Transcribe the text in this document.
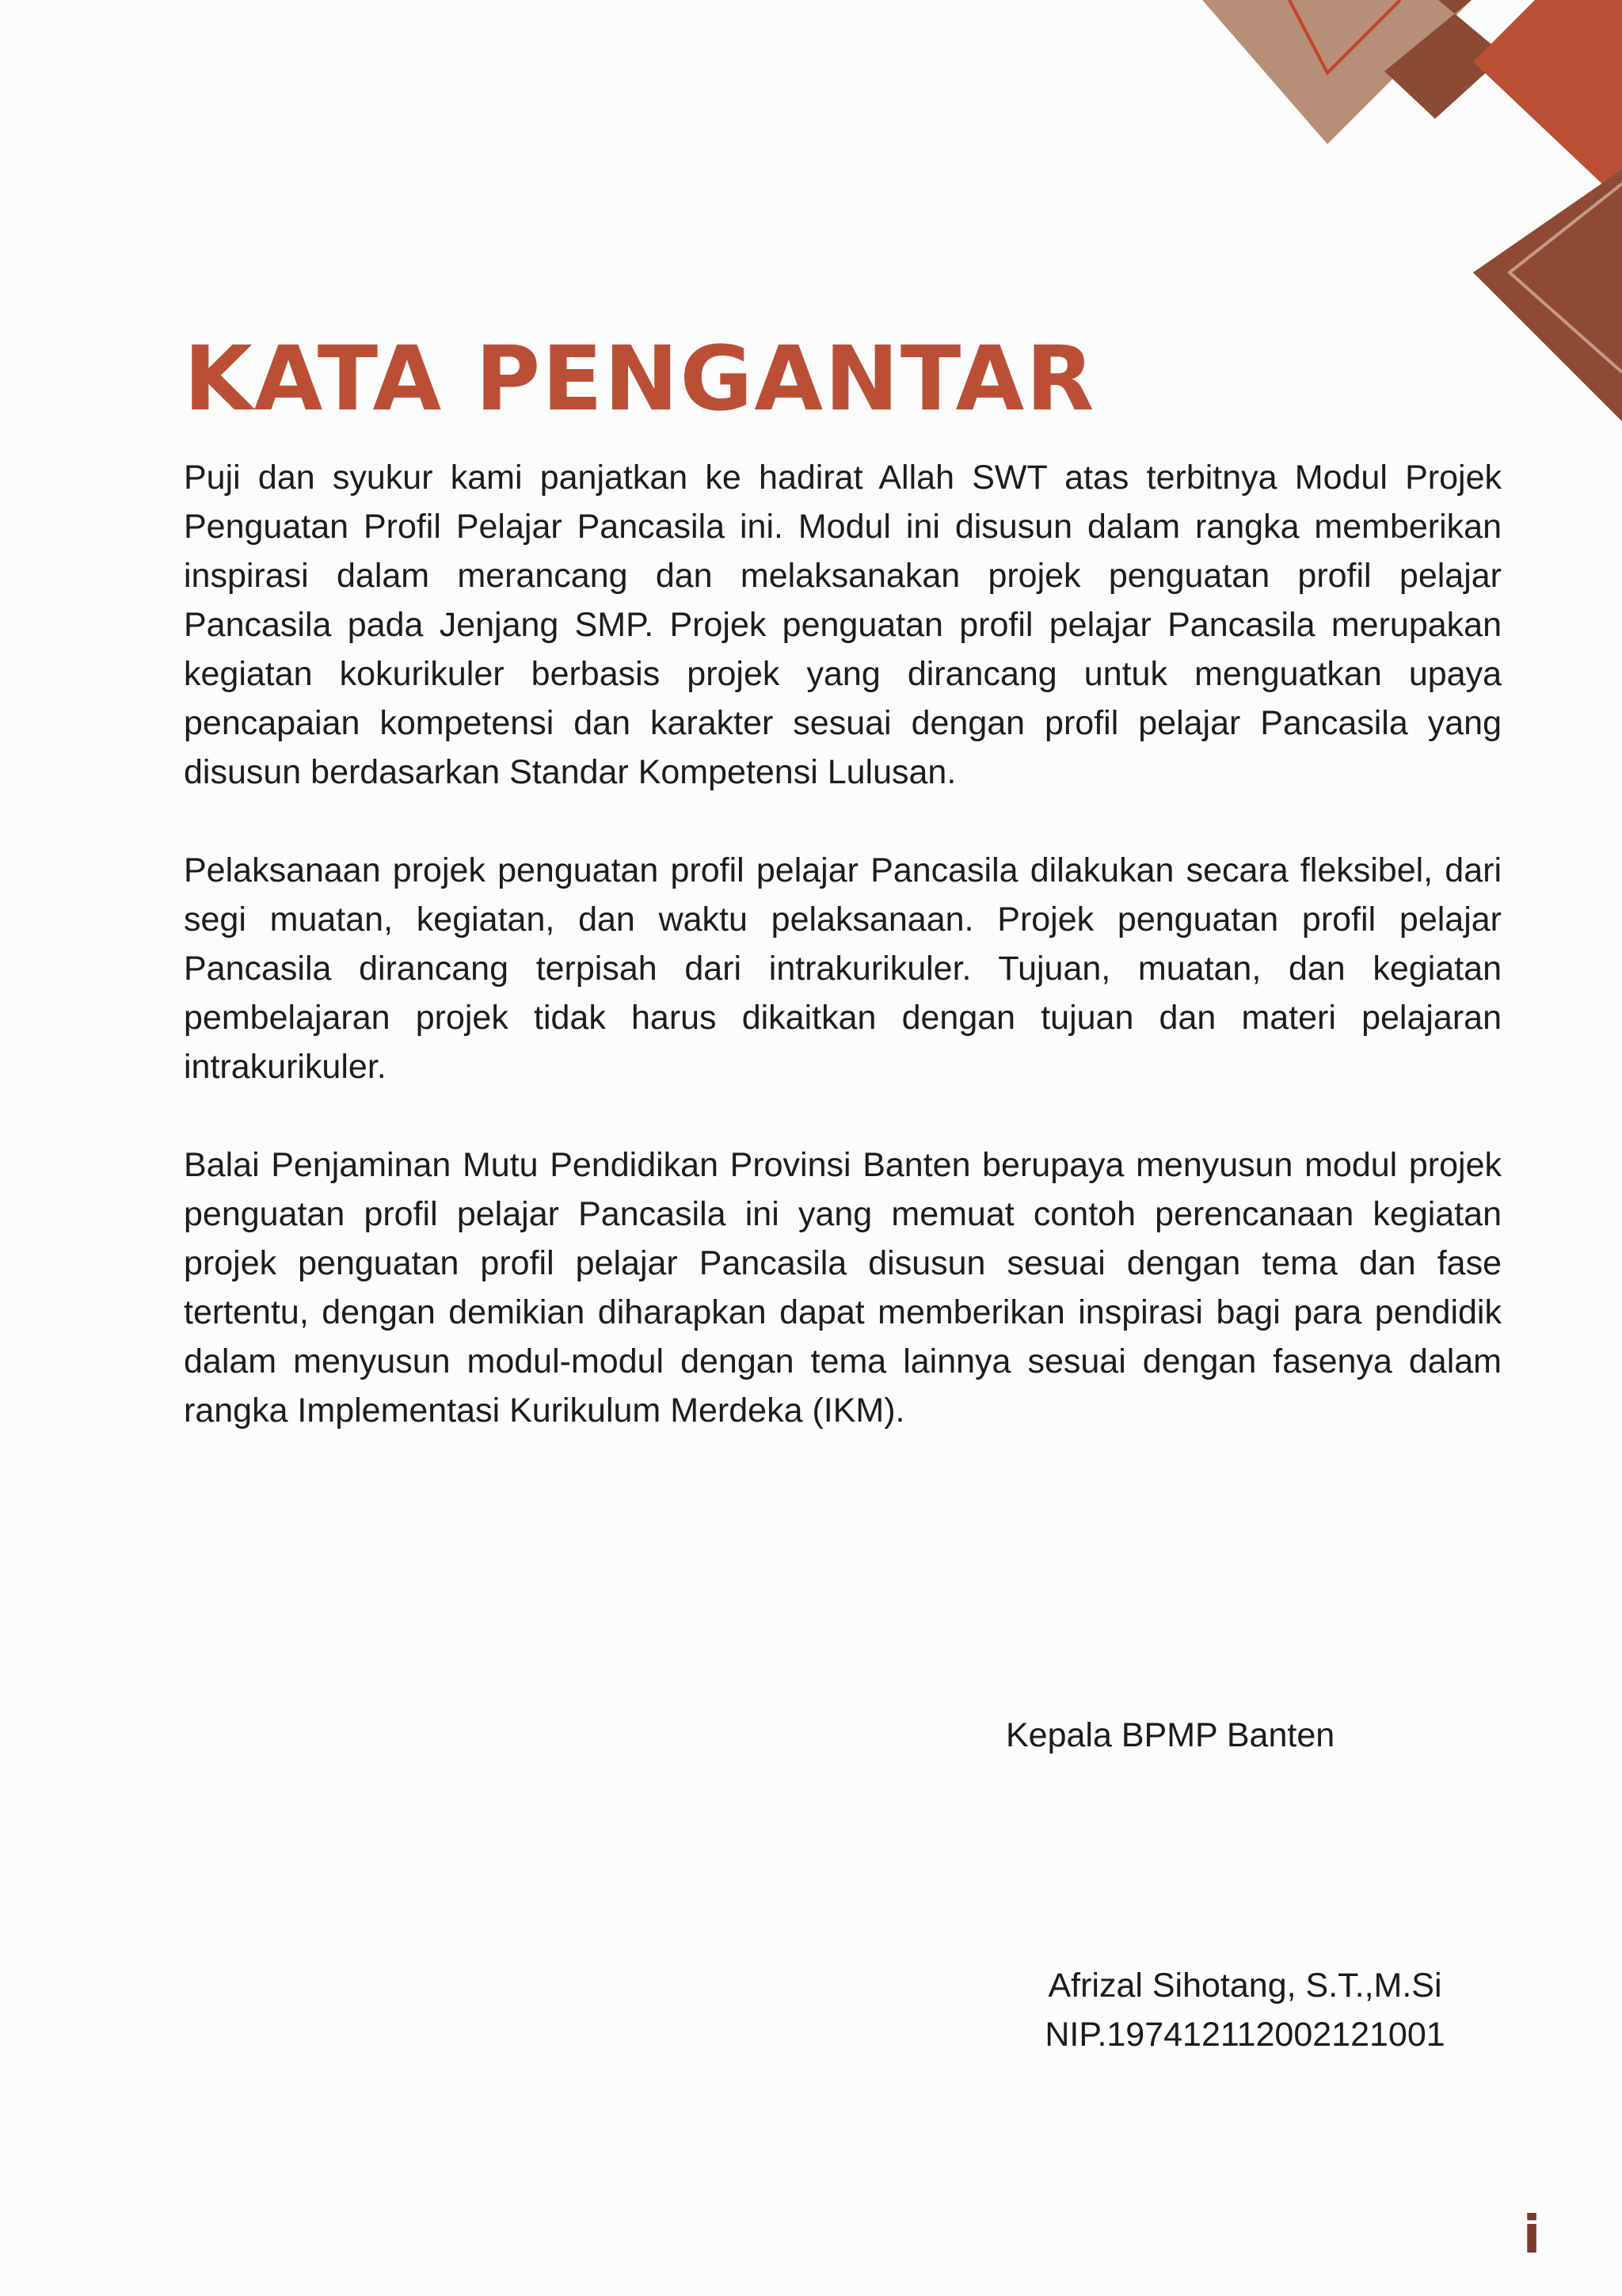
KATA PENGANTAR

Puji dan syukur kami panjatkan ke hadirat Allah SWT atas terbitnya Modul Projek Penguatan Profil Pelajar Pancasila ini. Modul ini disusun dalam rangka memberikan inspirasi dalam merancang dan melaksanakan projek penguatan profil pelajar Pancasila pada Jenjang SMP. Projek penguatan profil pelajar Pancasila merupakan kegiatan kokurikuler berbasis projek yang dirancang untuk menguatkan upaya pencapaian kompetensi dan karakter sesuai dengan profil pelajar Pancasila yang disusun berdasarkan Standar Kompetensi Lulusan.

Pelaksanaan projek penguatan profil pelajar Pancasila dilakukan secara fleksibel, dari segi muatan, kegiatan, dan waktu pelaksanaan. Projek penguatan profil pelajar Pancasila dirancang terpisah dari intrakurikuler. Tujuan, muatan, dan kegiatan pembelajaran projek tidak harus dikaitkan dengan tujuan dan materi pelajaran intrakurikuler.

Balai Penjaminan Mutu Pendidikan Provinsi Banten berupaya menyusun modul projek penguatan profil pelajar Pancasila ini yang memuat contoh perencanaan kegiatan projek penguatan profil pelajar Pancasila disusun sesuai dengan tema dan fase tertentu, dengan demikian diharapkan dapat memberikan inspirasi bagi para pendidik dalam menyusun modul-modul dengan tema lainnya sesuai dengan fasenya dalam rangka Implementasi Kurikulum Merdeka (IKM).

Kepala BPMP Banten
Afrizal Sihotang, S.T.,M.Si
NIP.197412112002121001
i
